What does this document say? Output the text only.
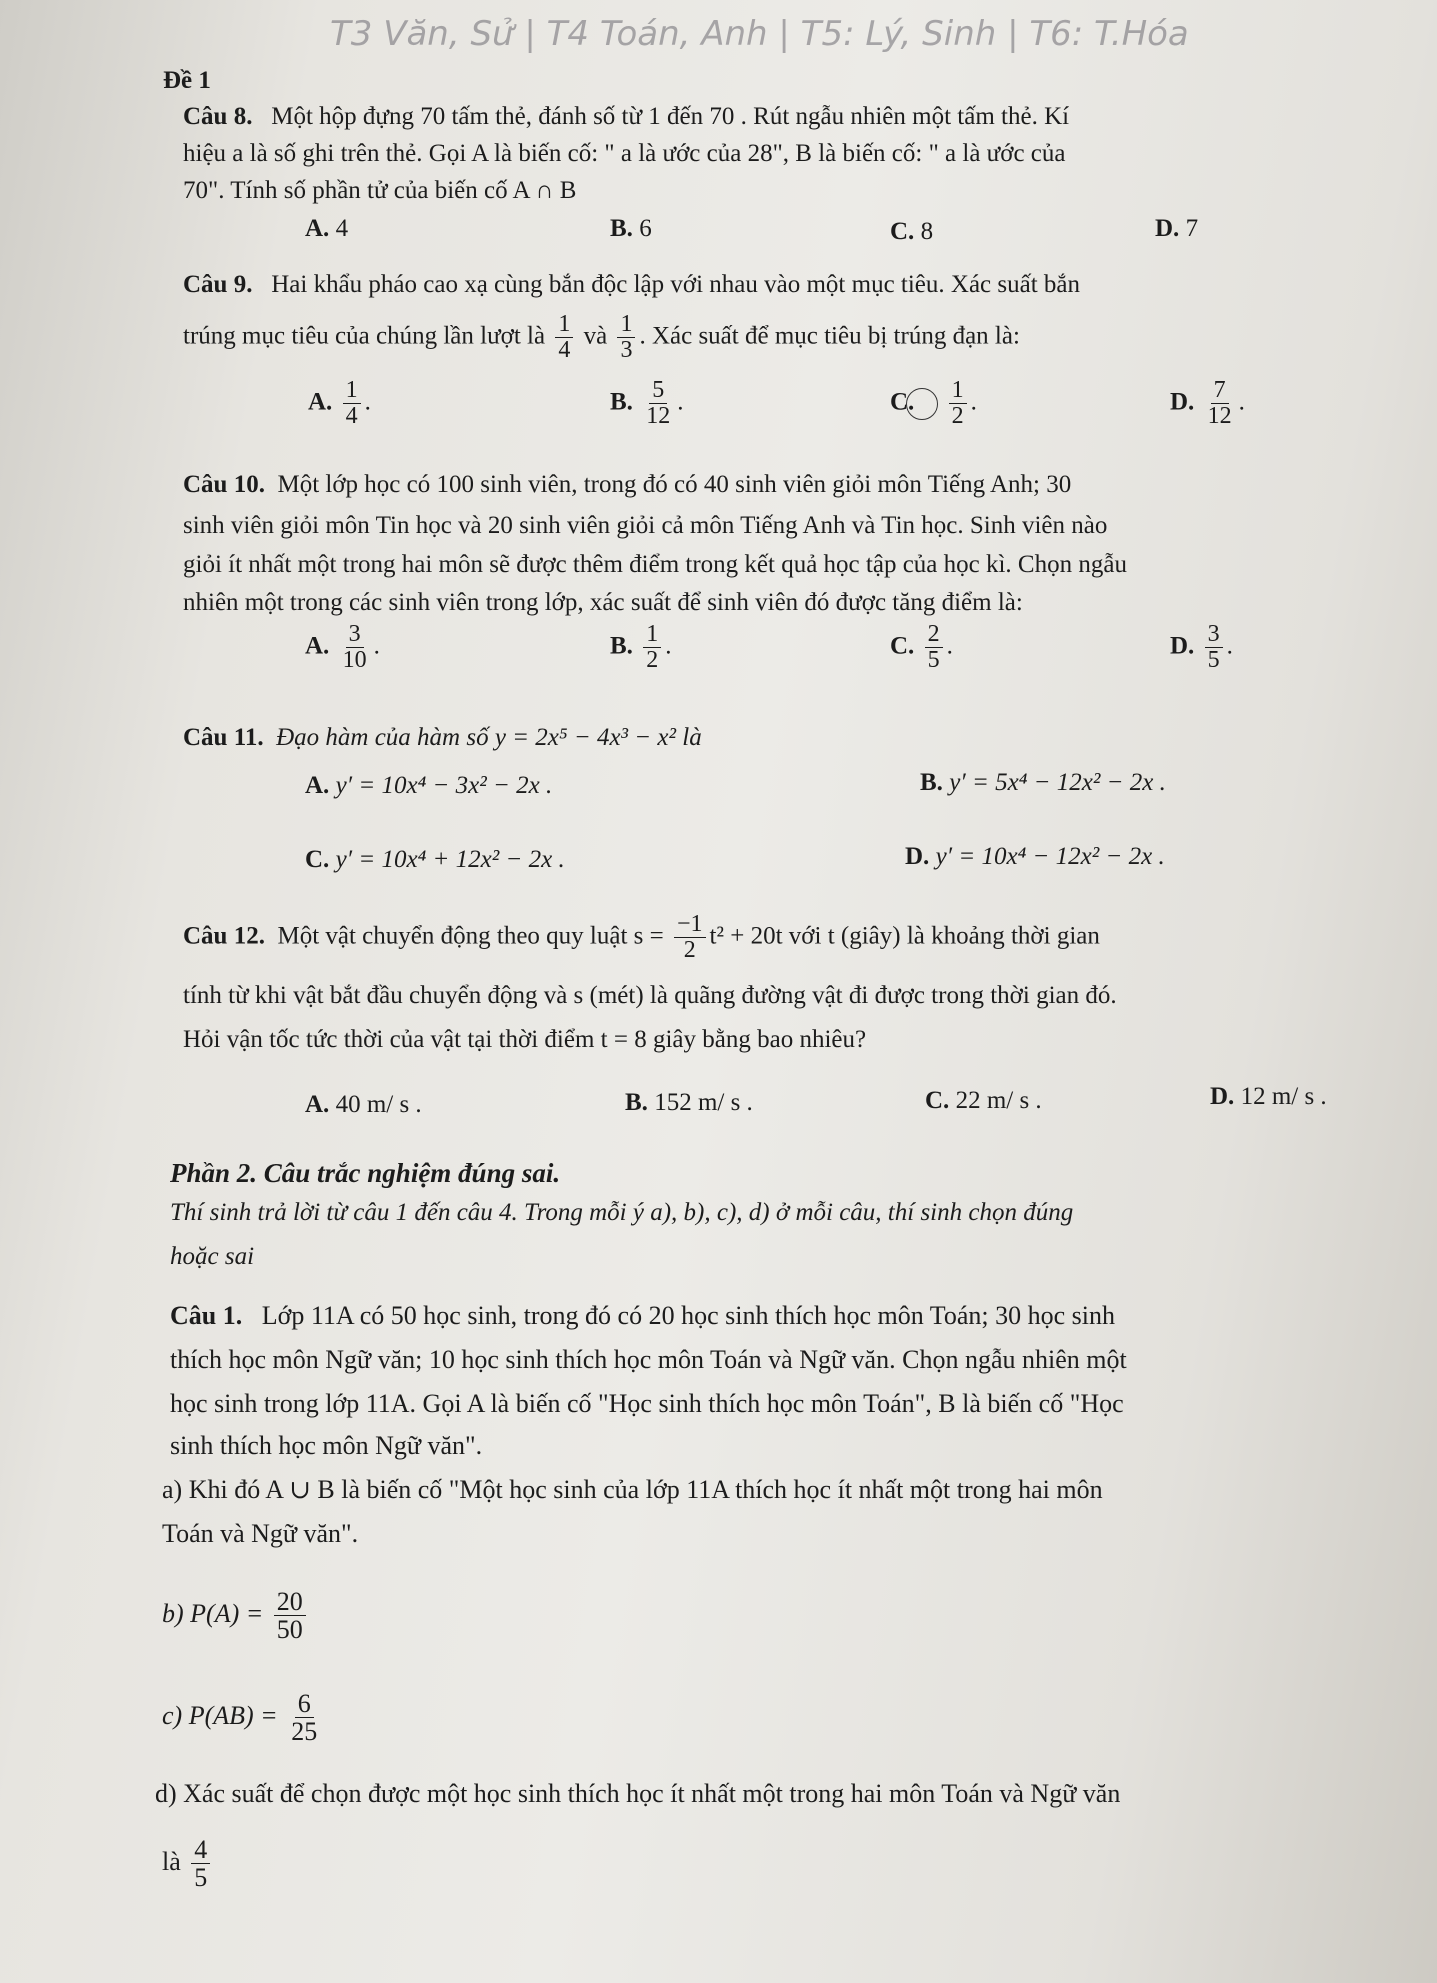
T3 Văn, Sử | T4 Toán, Anh | T5: Lý, Sinh | T6: T.Hóa
Đề 1
Câu 8. Một hộp đựng 70 tấm thẻ, đánh số từ 1 đến 70 . Rút ngẫu nhiên một tấm thẻ. Kí
hiệu a là số ghi trên thẻ. Gọi A là biến cố: " a là ước của 28", B là biến cố: " a là ước của
70". Tính số phần tử của biến cố A ∩ B
A. 4	B. 6	C. 8	D. 7
Câu 9. Hai khẩu pháo cao xạ cùng bắn độc lập với nhau vào một mục tiêu. Xác suất bắn
trúng mục tiêu của chúng lần lượt là $\frac{1}{4}$ và $\frac{1}{3}$ . Xác suất để mục tiêu bị trúng đạn là:
A. $\frac{1}{4}$ .	B. $\frac{5}{12}$ .	C. $\frac{1}{2}$ .	D. $\frac{7}{12}$ .
Câu 10. Một lớp học có 100 sinh viên, trong đó có 40 sinh viên giỏi môn Tiếng Anh; 30
sinh viên giỏi môn Tin học và 20 sinh viên giỏi cả môn Tiếng Anh và Tin học. Sinh viên nào
giỏi ít nhất một trong hai môn sẽ được thêm điểm trong kết quả học tập của học kì. Chọn ngẫu
nhiên một trong các sinh viên trong lớp, xác suất để sinh viên đó được tăng điểm là:
A. $\frac{3}{10}$ .	B. $\frac{1}{2}$ .	C. $\frac{2}{5}$ .	D. $\frac{3}{5}$ .
Câu 11. Đạo hàm của hàm số y = 2x⁵ − 4x³ − x² là
A. y′ = 10x⁴ − 3x² − 2x .	B. y′ = 5x⁴ − 12x² − 2x .
C. y′ = 10x⁴ + 12x² − 2x .	D. y′ = 10x⁴ − 12x² − 2x .
Câu 12. Một vật chuyển động theo quy luật $s = \frac{-1}{2} t^2 + 20t$ với t (giây) là khoảng thời gian
tính từ khi vật bắt đầu chuyển động và s (mét) là quãng đường vật đi được trong thời gian đó.
Hỏi vận tốc tức thời của vật tại thời điểm t = 8 giây bằng bao nhiêu?
A. 40 m/ s .	B. 152 m/ s .	C. 22 m/ s .	D. 12 m/ s .
Phần 2. Câu trắc nghiệm đúng sai.
Thí sinh trả lời từ câu 1 đến câu 4. Trong mỗi ý a), b), c), d) ở mỗi câu, thí sinh chọn đúng
hoặc sai
Câu 1. Lớp 11A có 50 học sinh, trong đó có 20 học sinh thích học môn Toán; 30 học sinh
thích học môn Ngữ văn; 10 học sinh thích học môn Toán và Ngữ văn. Chọn ngẫu nhiên một
học sinh trong lớp 11A. Gọi A là biến cố "Học sinh thích học môn Toán", B là biến cố "Học
sinh thích học môn Ngữ văn".
a) Khi đó A ∪ B là biến cố "Một học sinh của lớp 11A thích học ít nhất một trong hai môn
Toán và Ngữ văn".
b) $P(A) = \frac{20}{50}$
c) $P(AB) = \frac{6}{25}$
d) Xác suất để chọn được một học sinh thích học ít nhất một trong hai môn Toán và Ngữ văn
là $\frac{4}{5}$
